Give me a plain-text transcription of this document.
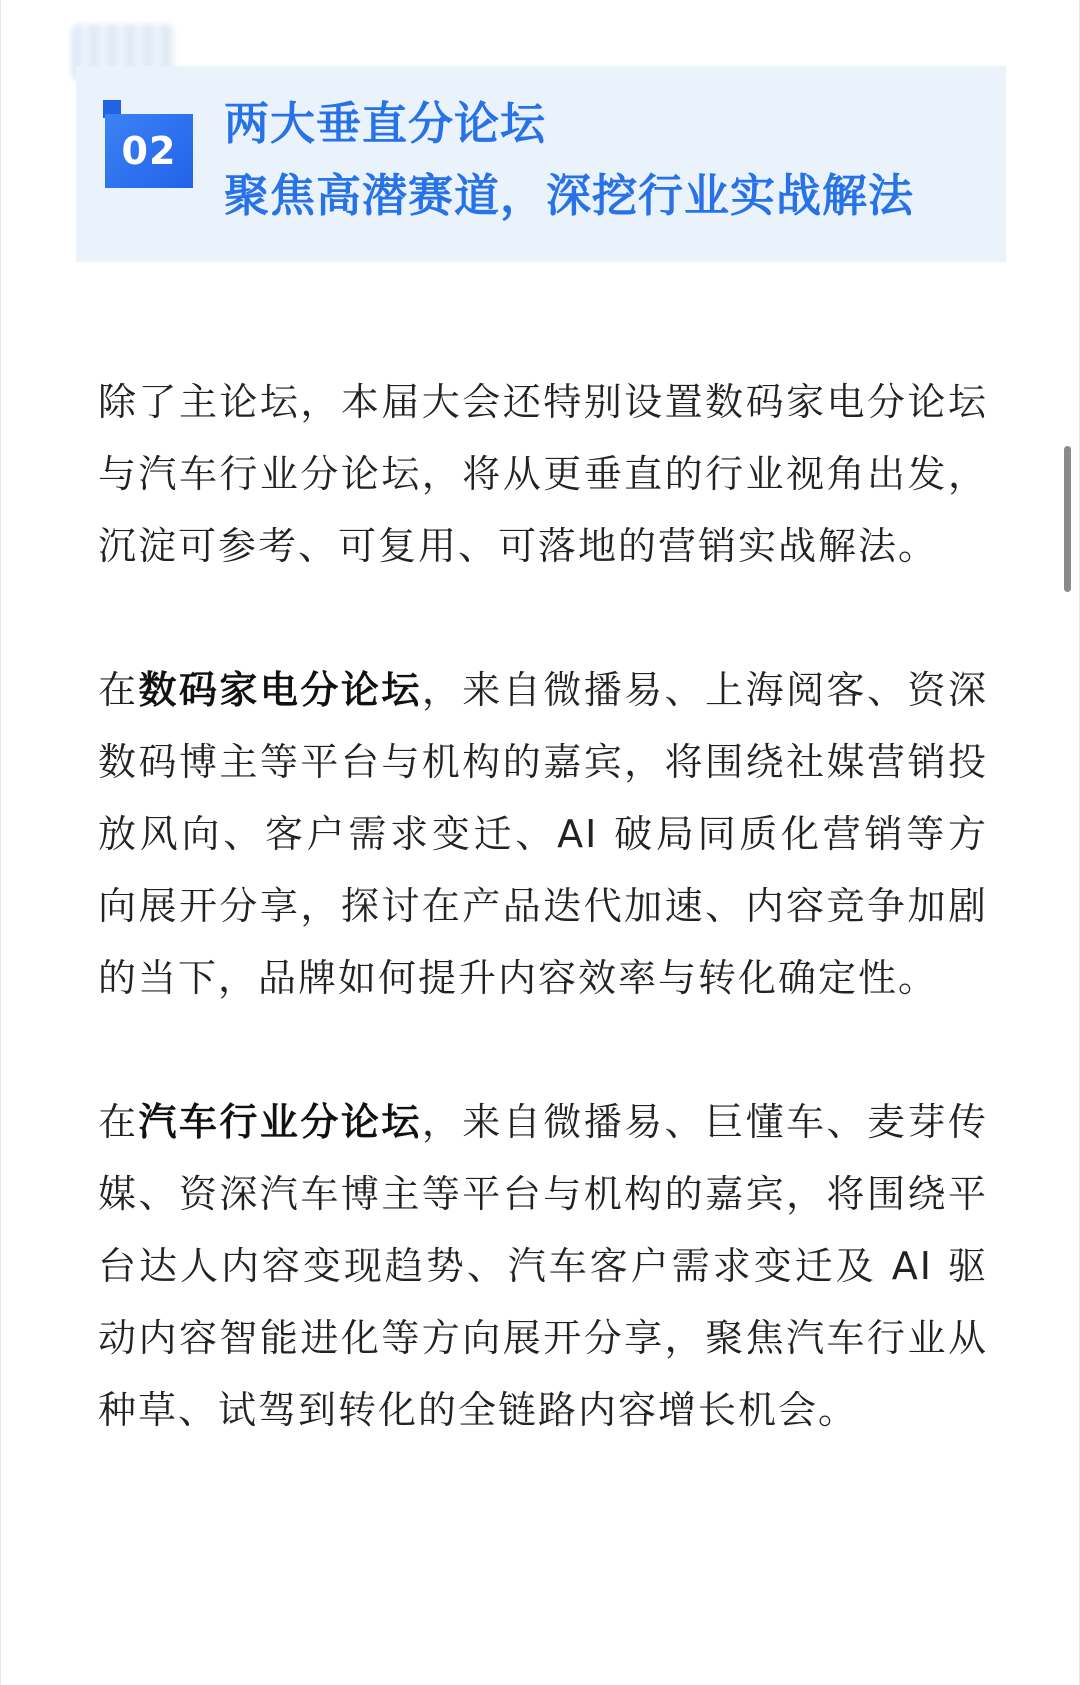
02
两大垂直分论坛
聚焦高潜赛道，深挖行业实战解法

除了主论坛，本届大会还特别设置数码家电分论坛与汽车行业分论坛，将从更垂直的行业视角出发，沉淀可参考、可复用、可落地的营销实战解法。

在数码家电分论坛，来自微播易、上海阅客、资深数码博主等平台与机构的嘉宾，将围绕社媒营销投放风向、客户需求变迁、AI 破局同质化营销等方向展开分享，探讨在产品迭代加速、内容竞争加剧的当下，品牌如何提升内容效率与转化确定性。

在汽车行业分论坛，来自微播易、巨懂车、麦芽传媒、资深汽车博主等平台与机构的嘉宾，将围绕平台达人内容变现趋势、汽车客户需求变迁及 AI 驱动内容智能进化等方向展开分享，聚焦汽车行业从种草、试驾到转化的全链路内容增长机会。
